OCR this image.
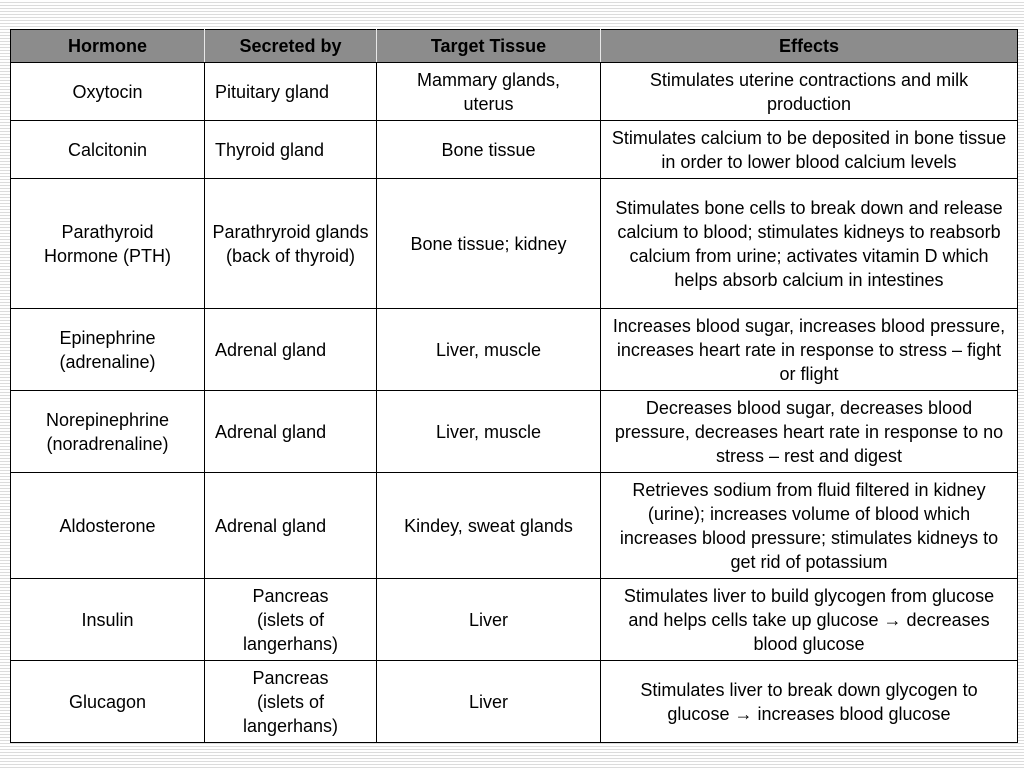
Hormone	Secreted by	Target Tissue	Effects
Oxytocin	Pituitary gland	Mammary glands, uterus	Stimulates uterine contractions and milk production
Calcitonin	Thyroid gland	Bone tissue	Stimulates calcium to be deposited in bone tissue in order to lower blood calcium levels
Parathyroid Hormone (PTH)	Parathryroid glands (back of thyroid)	Bone tissue; kidney	Stimulates bone cells to break down and release calcium to blood; stimulates kidneys to reabsorb calcium from urine; activates vitamin D which helps absorb calcium in intestines
Epinephrine (adrenaline)	Adrenal gland	Liver, muscle	Increases blood sugar, increases blood pressure, increases heart rate in response to stress – fight or flight
Norepinephrine (noradrenaline)	Adrenal gland	Liver, muscle	Decreases blood sugar, decreases blood pressure, decreases heart rate in response to no stress – rest and digest
Aldosterone	Adrenal gland	Kindey, sweat glands	Retrieves sodium from fluid filtered in kidney (urine); increases volume of blood which increases blood pressure; stimulates kidneys to get rid of potassium
Insulin	Pancreas (islets of langerhans)	Liver	Stimulates liver to build glycogen from glucose and helps cells take up glucose → decreases blood glucose
Glucagon	Pancreas (islets of langerhans)	Liver	Stimulates liver to break down glycogen to glucose → increases blood glucose
